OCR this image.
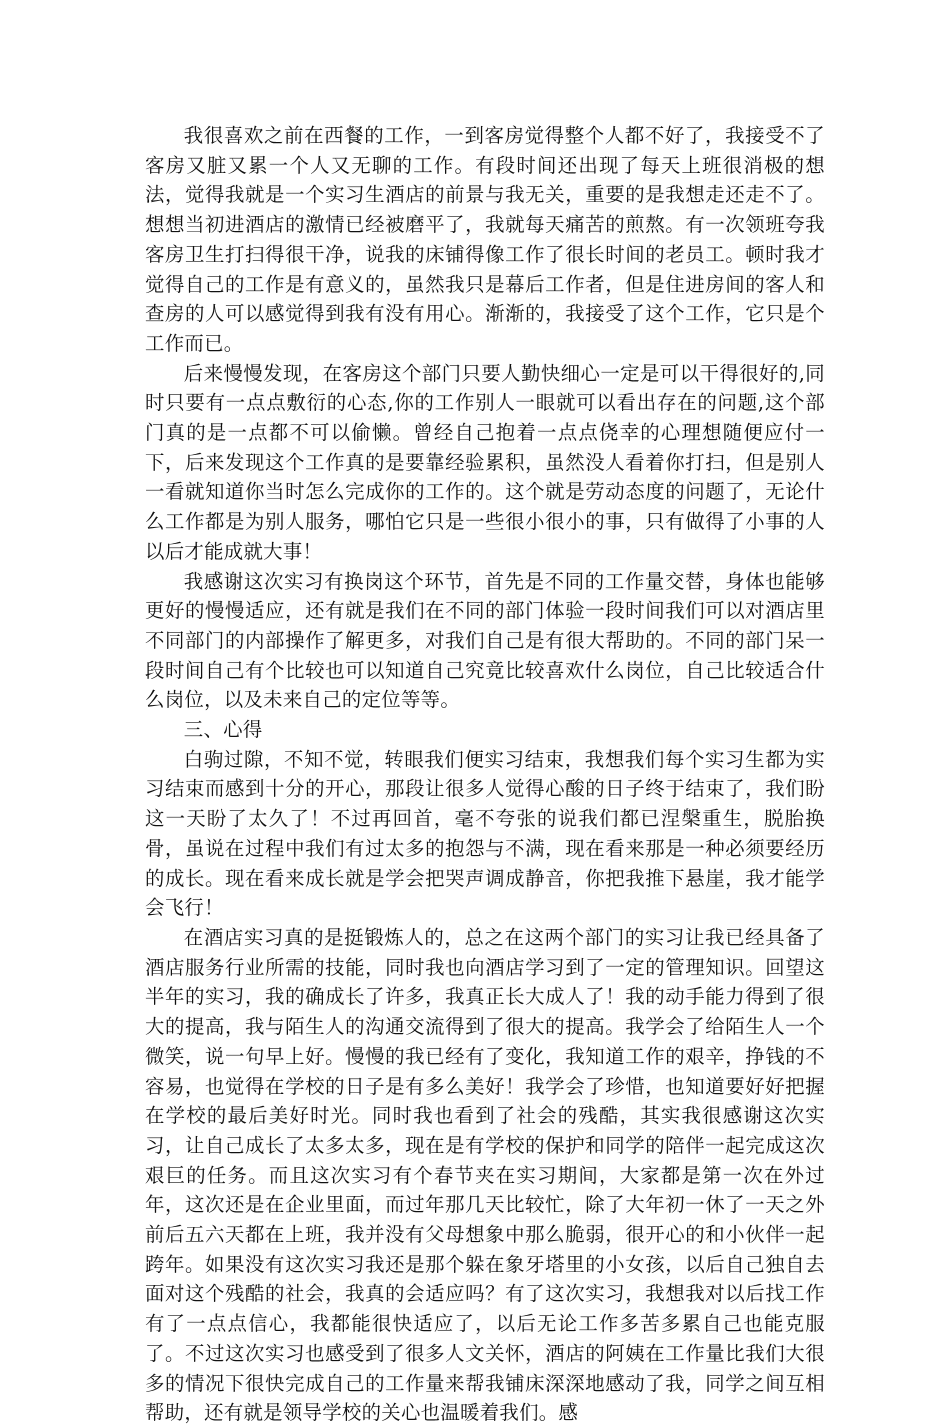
我很喜欢之前在西餐的工作，一到客房觉得整个人都不好了，我接受不了客房又脏又累一个人又无聊的工作。有段时间还出现了每天上班很消极的想法，觉得我就是一个实习生酒店的前景与我无关，重要的是我想走还走不了。想想当初进酒店的激情已经被磨平了，我就每天痛苦的煎熬。有一次领班夸我客房卫生打扫得很干净，说我的床铺得像工作了很长时间的老员工。顿时我才觉得自己的工作是有意义的，虽然我只是幕后工作者，但是住进房间的客人和查房的人可以感觉得到我有没有用心。渐渐的，我接受了这个工作，它只是个工作而已。

后来慢慢发现，在客房这个部门只要人勤快细心一定是可以干得很好的,同时只要有一点点敷衍的心态,你的工作别人一眼就可以看出存在的问题,这个部门真的是一点都不可以偷懒。曾经自己抱着一点点侥幸的心理想随便应付一下，后来发现这个工作真的是要靠经验累积，虽然没人看着你打扫，但是别人一看就知道你当时怎么完成你的工作的。这个就是劳动态度的问题了，无论什么工作都是为别人服务，哪怕它只是一些很小很小的事，只有做得了小事的人以后才能成就大事！

我感谢这次实习有换岗这个环节，首先是不同的工作量交替，身体也能够更好的慢慢适应，还有就是我们在不同的部门体验一段时间我们可以对酒店里不同部门的内部操作了解更多，对我们自己是有很大帮助的。不同的部门呆一段时间自己有个比较也可以知道自己究竟比较喜欢什么岗位，自己比较适合什么岗位，以及未来自己的定位等等。

三、心得

白驹过隙，不知不觉，转眼我们便实习结束，我想我们每个实习生都为实习结束而感到十分的开心，那段让很多人觉得心酸的日子终于结束了，我们盼这一天盼了太久了！不过再回首，毫不夸张的说我们都已涅槃重生，脱胎换骨，虽说在过程中我们有过太多的抱怨与不满，现在看来那是一种必须要经历的成长。现在看来成长就是学会把哭声调成静音，你把我推下悬崖，我才能学会飞行！

在酒店实习真的是挺锻炼人的，总之在这两个部门的实习让我已经具备了酒店服务行业所需的技能，同时我也向酒店学习到了一定的管理知识。回望这半年的实习，我的确成长了许多，我真正长大成人了！我的动手能力得到了很大的提高，我与陌生人的沟通交流得到了很大的提高。我学会了给陌生人一个微笑，说一句早上好。慢慢的我已经有了变化，我知道工作的艰辛，挣钱的不容易，也觉得在学校的日子是有多么美好！我学会了珍惜，也知道要好好把握在学校的最后美好时光。同时我也看到了社会的残酷，其实我很感谢这次实习，让自己成长了太多太多，现在是有学校的保护和同学的陪伴一起完成这次艰巨的任务。而且这次实习有个春节夹在实习期间，大家都是第一次在外过年，这次还是在企业里面，而过年那几天比较忙，除了大年初一休了一天之外前后五六天都在上班，我并没有父母想象中那么脆弱，很开心的和小伙伴一起跨年。如果没有这次实习我还是那个躲在象牙塔里的小女孩，以后自己独自去面对这个残酷的社会，我真的会适应吗？有了这次实习，我想我对以后找工作有了一点点信心，我都能很快适应了，以后无论工作多苦多累自己也能克服了。不过这次实习也感受到了很多人文关怀，酒店的阿姨在工作量比我们大很多的情况下很快完成自己的工作量来帮我铺床深深地感动了我，同学之间互相帮助，还有就是领导学校的关心也温暖着我们。感
